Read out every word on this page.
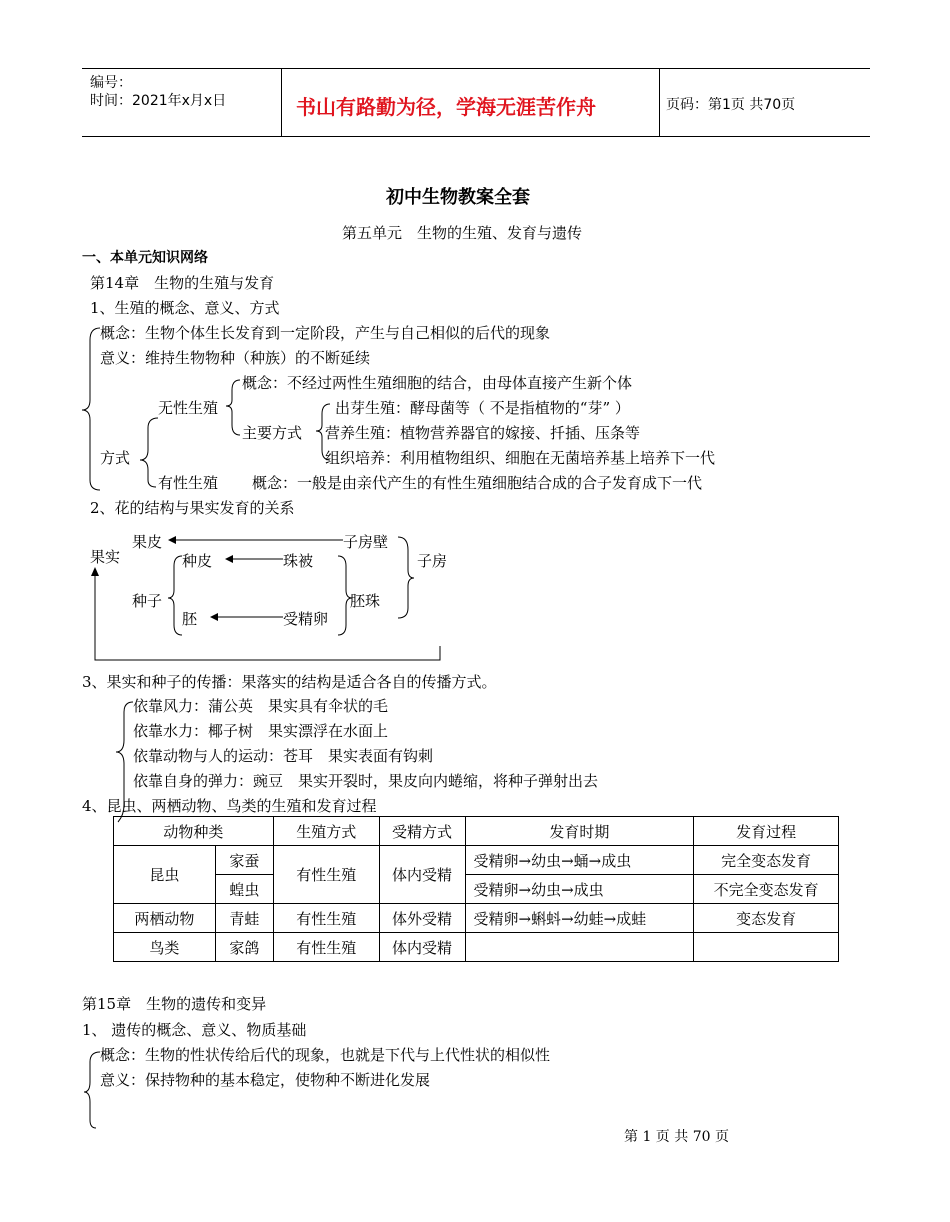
编号：
时间：2021年x月x日	书山有路勤为径，学海无涯苦作舟	页码：第1页 共70页
初中生物教案全套
第五单元　生物的生殖、发育与遗传
一、本单元知识网络
第14章　生物的生殖与发育
1、生殖的概念、意义、方式
概念：生物个体生长发育到一定阶段，产生与自己相似的后代的现象
意义：维持生物物种（种族）的不断延续
无性生殖
概念：不经过两性生殖细胞的结合，由母体直接产生新个体
主要方式
出芽生殖：酵母菌等（ 不是指植物的“芽” ）
营养生殖：植物营养器官的嫁接、扦插、压条等
组织培养：利用植物组织、细胞在无菌培养基上培养下一代
方式
有性生殖 概念：一般是由亲代产生的有性生殖细胞结合成的合子发育成下一代
2、花的结构与果实发育的关系
果实
果皮	子房壁
种皮	珠被	子房
种子	胚珠
胚	受精卵
3、果实和种子的传播：果落实的结构是适合各自的传播方式。
依靠风力：蒲公英　果实具有伞状的毛
依靠水力：椰子树　果实漂浮在水面上
依靠动物与人的运动：苍耳　果实表面有钩刺
依靠自身的弹力：豌豆　果实开裂时，果皮向内蜷缩，将种子弹射出去
4、昆虫、两栖动物、鸟类的生殖和发育过程
动物种类		生殖方式	受精方式	发育时期	发育过程
昆虫	家蚕	有性生殖	体内受精	受精卵→幼虫→蛹→成虫	完全变态发育
	蝗虫			受精卵→幼虫→成虫	不完全变态发育
两栖动物	青蛙	有性生殖	体外受精	受精卵→蝌蚪→幼蛙→成蛙	变态发育
鸟类	家鸽	有性生殖	体内受精		
第15章　生物的遗传和变异
1、 遗传的概念、意义、物质基础
概念：生物的性状传给后代的现象，也就是下代与上代性状的相似性
意义：保持物种的基本稳定，使物种不断进化发展
第 1 页 共 70 页
